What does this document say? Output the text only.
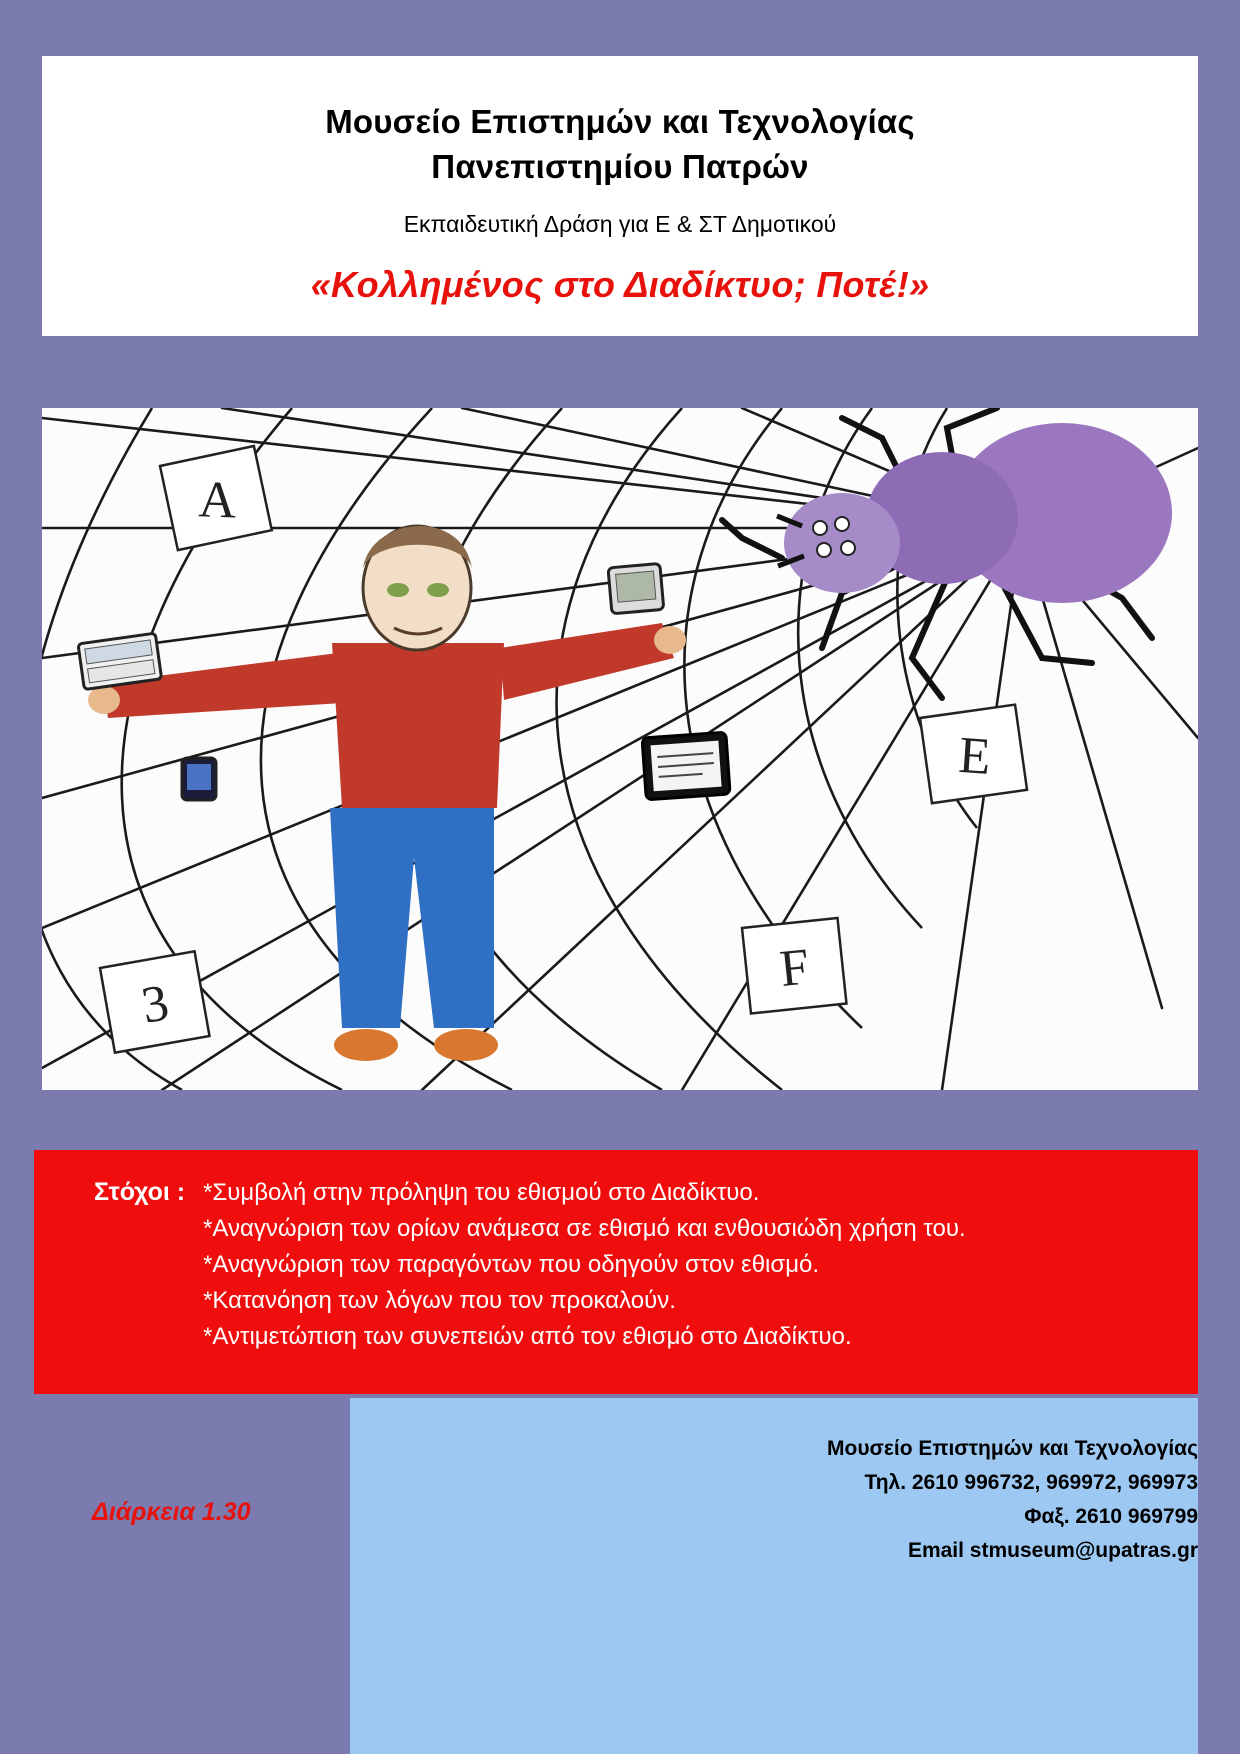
Μουσείο Επιστημών και Τεχνολογίας
Πανεπιστημίου Πατρών
Εκπαιδευτική Δράση για Ε & ΣΤ Δημοτικού
«Κολλημένος στο Διαδίκτυο; Ποτέ!»
A
E
F
3
Στόχοι : *Συμβολή στην πρόληψη του εθισμού στο Διαδίκτυο.
*Αναγνώριση των ορίων ανάμεσα σε εθισμό και ενθουσιώδη χρήση του.
*Αναγνώριση των παραγόντων που οδηγούν στον εθισμό.
*Κατανόηση των λόγων που τον προκαλούν.
*Αντιμετώπιση των συνεπειών από τον εθισμό στο Διαδίκτυο.
Μουσείο Επιστημών και Τεχνολογίας
Τηλ. 2610 996732, 969972, 969973
Φαξ. 2610 969799
Email stmuseum@upatras.gr
Διάρκεια 1.30
